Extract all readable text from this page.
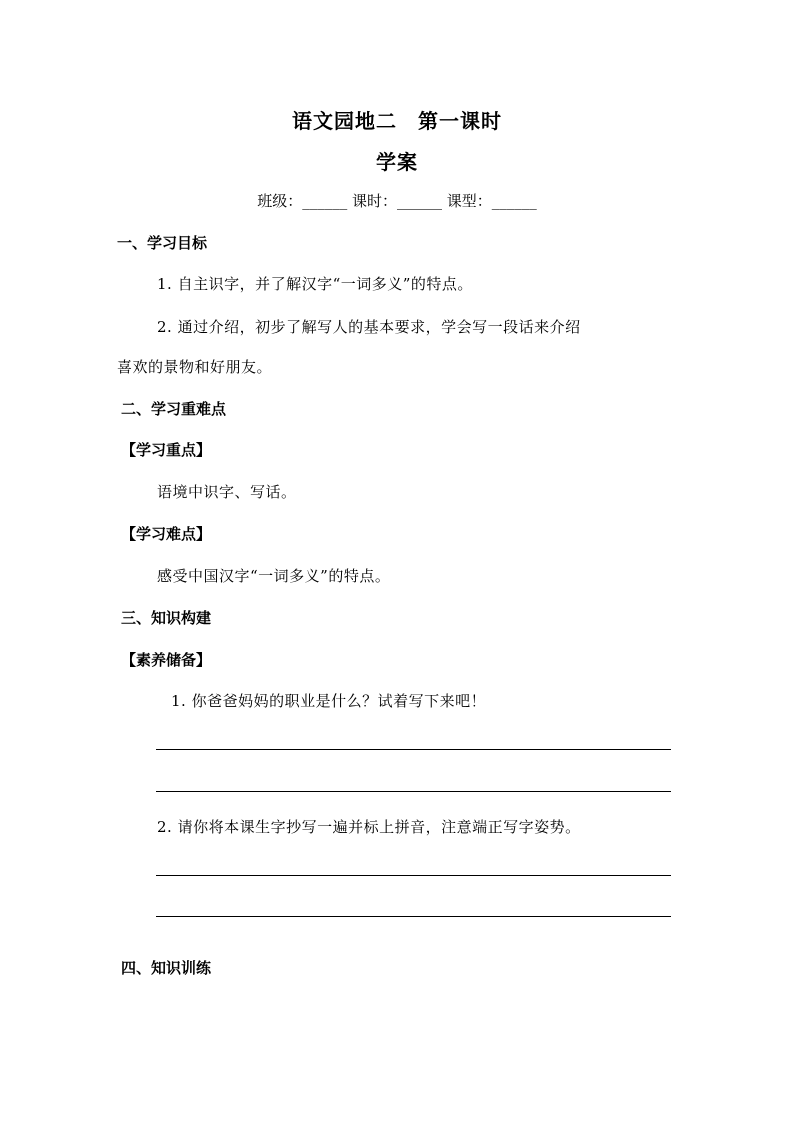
语文园地二　第一课时
学案
班级：______ 课时：______ 课型：______
一、学习目标
1. 自主识字，并了解汉字“一词多义”的特点。
2. 通过介绍，初步了解写人的基本要求，学会写一段话来介绍
喜欢的景物和好朋友。
二、学习重难点
【学习重点】
语境中识字、写话。
【学习难点】
感受中国汉字“一词多义”的特点。
三、知识构建
【素养储备】
1. 你爸爸妈妈的职业是什么？试着写下来吧！
2. 请你将本课生字抄写一遍并标上拼音，注意端正写字姿势。
四、知识训练
